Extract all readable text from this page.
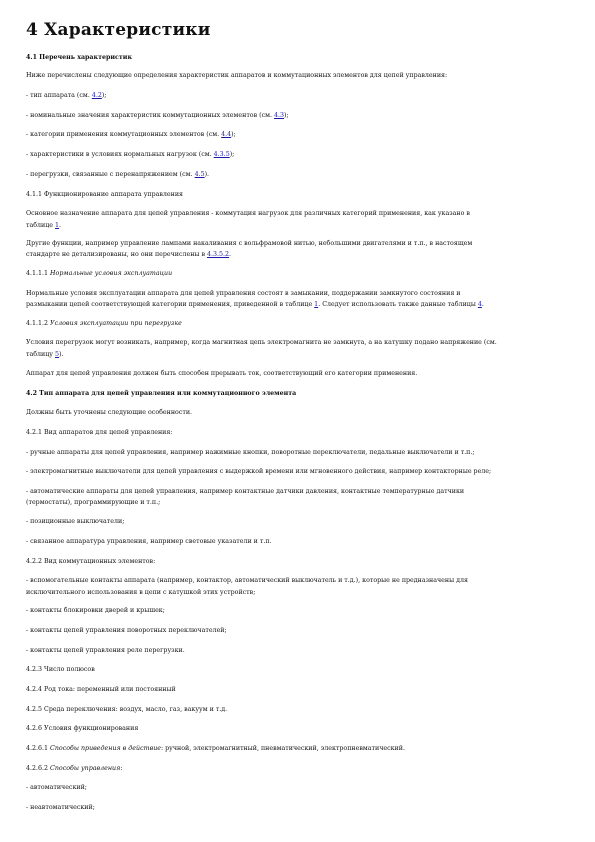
4 Характеристики

4.1 Перечень характеристик

Ниже перечислены следующие определения характеристик аппаратов и коммутационных элементов для цепей управления:

- тип аппарата (см. 4.2);

- номинальные значения характеристик коммутационных элементов (см. 4.3);

- категории применения коммутационных элементов (см. 4.4);

- характеристики в условиях нормальных нагрузок (см. 4.3.5);

- перегрузки, связанные с перенапряжением (см. 4.5).

4.1.1 Функционирование аппарата управления

Основное назначение аппарата для цепей управления - коммутация нагрузок для различных категорий применения, как указано в

таблице 1.

Другие функции, например управление лампами накаливания с вольфрамовой нитью, небольшими двигателями и т.п., в настоящем

стандарте не детализированы, но они перечислены в 4.3.5.2.

4.1.1.1 Нормальные условия эксплуатации

Нормальные условия эксплуатации аппарата для цепей управления состоят в замыкании, поддержании замкнутого состояния и

размыкании цепей соответствующей категории применения, приведенной в таблице 1. Следует использовать также данные таблицы 4.

4.1.1.2 Условия эксплуатации при перегрузке

Условия перегрузок могут возникать, например, когда магнитная цепь электромагнита не замкнута, а на катушку подано напряжение (см.

таблицу 5).

Аппарат для цепей управления должен быть способен прерывать ток, соответствующий его категории применения.

4.2 Тип аппарата для цепей управления или коммутационного элемента

Должны быть уточнены следующие особенности.

4.2.1 Вид аппаратов для цепей управления:

- ручные аппараты для цепей управления, например нажимные кнопки, поворотные переключатели, педальные выключатели и т.п.;

- электромагнитные выключатели для цепей управления с выдержкой времени или мгновенного действия, например контакторные реле;

- автоматические аппараты для цепей управления, например контактные датчики давления, контактные температурные датчики

(термостаты), программирующие и т.п.;

- позиционные выключатели;

- связанное аппаратура управления, например световые указатели и т.п.

4.2.2 Вид коммутационных элементов:

- вспомогательные контакты аппарата (например, контактор, автоматический выключатель и т.д.), которые не предназначены для

исключительного использования в цепи с катушкой этих устройств;

- контакты блокировки дверей и крышек;

- контакты цепей управления поворотных переключателей;

- контакты цепей управления реле перегрузки.

4.2.3 Число полюсов

4.2.4 Род тока: переменный или постоянный

4.2.5 Среда переключения: воздух, масло, газ, вакуум и т.д.

4.2.6 Условия функционирования

4.2.6.1 Способы приведения в действие: ручной, электромагнитный, пневматический, электропневматический.

4.2.6.2 Способы управления:

- автоматический;

- неавтоматический;
